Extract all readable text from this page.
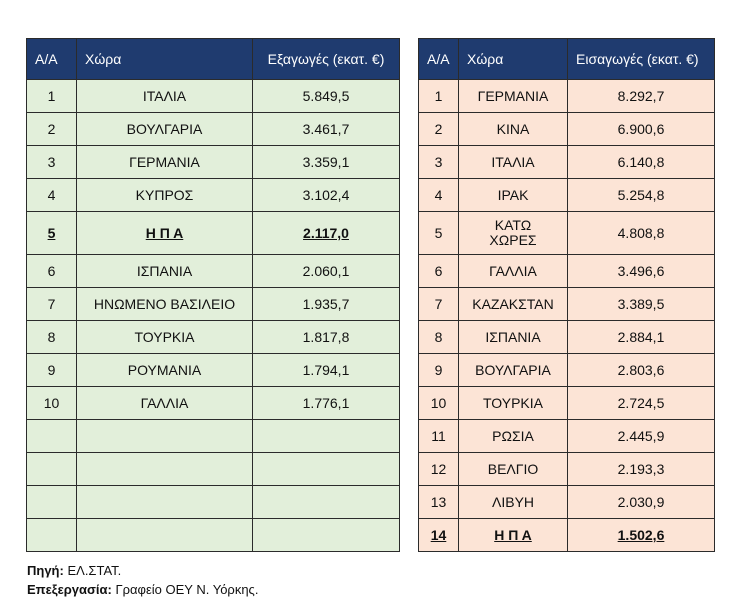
Α/Α	Χώρα	Εξαγωγές (εκατ. €)
1	ΙΤΑΛΙΑ	5.849,5
2	ΒΟΥΛΓΑΡΙΑ	3.461,7
3	ΓΕΡΜΑΝΙΑ	3.359,1
4	ΚΥΠΡΟΣ	3.102,4
5	Η Π Α	2.117,0
6	ΙΣΠΑΝΙΑ	2.060,1
7	ΗΝΩΜΕΝΟ ΒΑΣΙΛΕΙΟ	1.935,7
8	ΤΟΥΡΚΙΑ	1.817,8
9	ΡΟΥΜΑΝΙΑ	1.794,1
10	ΓΑΛΛΙΑ	1.776,1

Α/Α	Χώρα	Εισαγωγές (εκατ. €)
1	ΓΕΡΜΑΝΙΑ	8.292,7
2	ΚΙΝΑ	6.900,6
3	ΙΤΑΛΙΑ	6.140,8
4	ΙΡΑΚ	5.254,8
5	ΚΑΤΩ ΧΩΡΕΣ	4.808,8
6	ΓΑΛΛΙΑ	3.496,6
7	ΚΑΖΑΚΣΤΑΝ	3.389,5
8	ΙΣΠΑΝΙΑ	2.884,1
9	ΒΟΥΛΓΑΡΙΑ	2.803,6
10	ΤΟΥΡΚΙΑ	2.724,5
11	ΡΩΣΙΑ	2.445,9
12	ΒΕΛΓΙΟ	2.193,3
13	ΛΙΒΥΗ	2.030,9
14	Η Π Α	1.502,6
Πηγή: ΕΛ.ΣΤΑΤ.
Επεξεργασία: Γραφείο ΟΕΥ Ν. Υόρκης.
